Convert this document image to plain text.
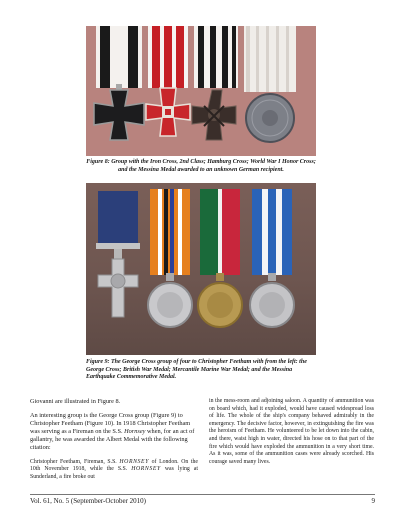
Figure 8: Group with the Iron Cross, 2nd Class; Hamburg Cross; World War I Honor Cross; and the Messina Medal awarded to an unknown German recipient.
Figure 9: The George Cross group of four to Christopher Feetham with from the left: the George Cross; British War Medal; Mercantile Marine War Medal; and the Messina Earthquake Commemorative Medal.

Giovanni are illustrated in Figure 8.

An interesting group is the George Cross group (Figure 9) to Christopher Feetham (Figure 10). In 1918 Christopher Feetham was serving as a Fireman on the S.S. Hornsey when, for an act of gallantry, he was awarded the Albert Medal with the following citation:

Christopher Feetham, Fireman, S.S. HORNSEY of London. On the 10th November 1918, while the S.S. HORNSEY was lying at Sunderland, a fire broke out

in the mess-room and adjoining saloon. A quantity of ammunition was on board which, had it exploded, would have caused widespread loss of life. The whole of the ship's company behaved admirably in the emergency. The decisive factor, however, in extinguishing the fire was the heroism of Feetham. He volunteered to be let down into the cabin, and there, waist high in water, directed his hose on to that part of the fire which would have exploded the ammunition in a very short time. As it was, some of the ammunition cases were already scorched. His courage saved many lives.

Vol. 61, No. 5 (September-October 2010)	9
